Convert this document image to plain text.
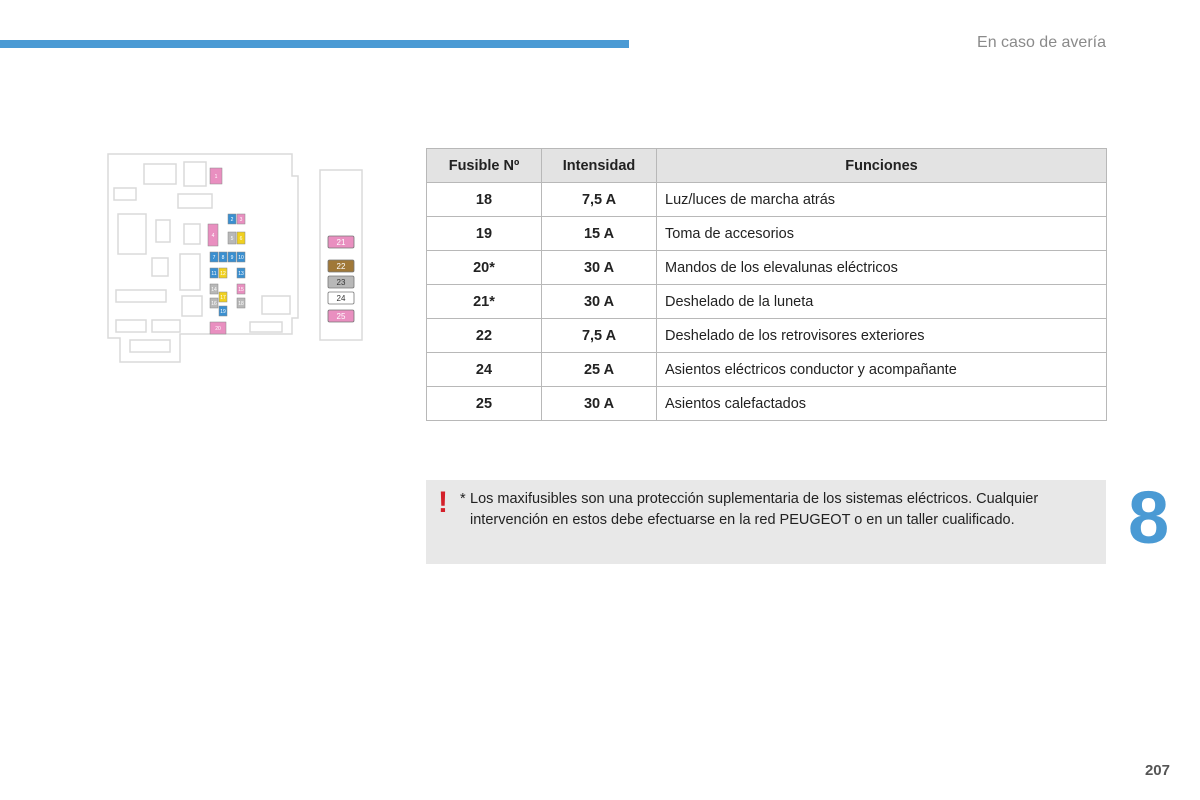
En caso de avería
1
2 3
4	5 6
7 8 9 10
11 12 13
14	15
16
17
18
19
20
21
22
23
24
25
Fusible Nº	Intensidad	Funciones
18	7,5 A	Luz/luces de marcha atrás
19	15 A	Toma de accesorios
20*	30 A	Mandos de los elevalunas eléctricos
21*	30 A	Deshelado de la luneta
22	7,5 A	Deshelado de los retrovisores exteriores
24	25 A	Asientos eléctricos conductor y acompañante
25	30 A	Asientos calefactados
! * Los maxifusibles son una protección suplementaria de los sistemas eléctricos. Cualquier
intervención en estos debe efectuarse en la red PEUGEOT o en un taller cualificado.	8
207
